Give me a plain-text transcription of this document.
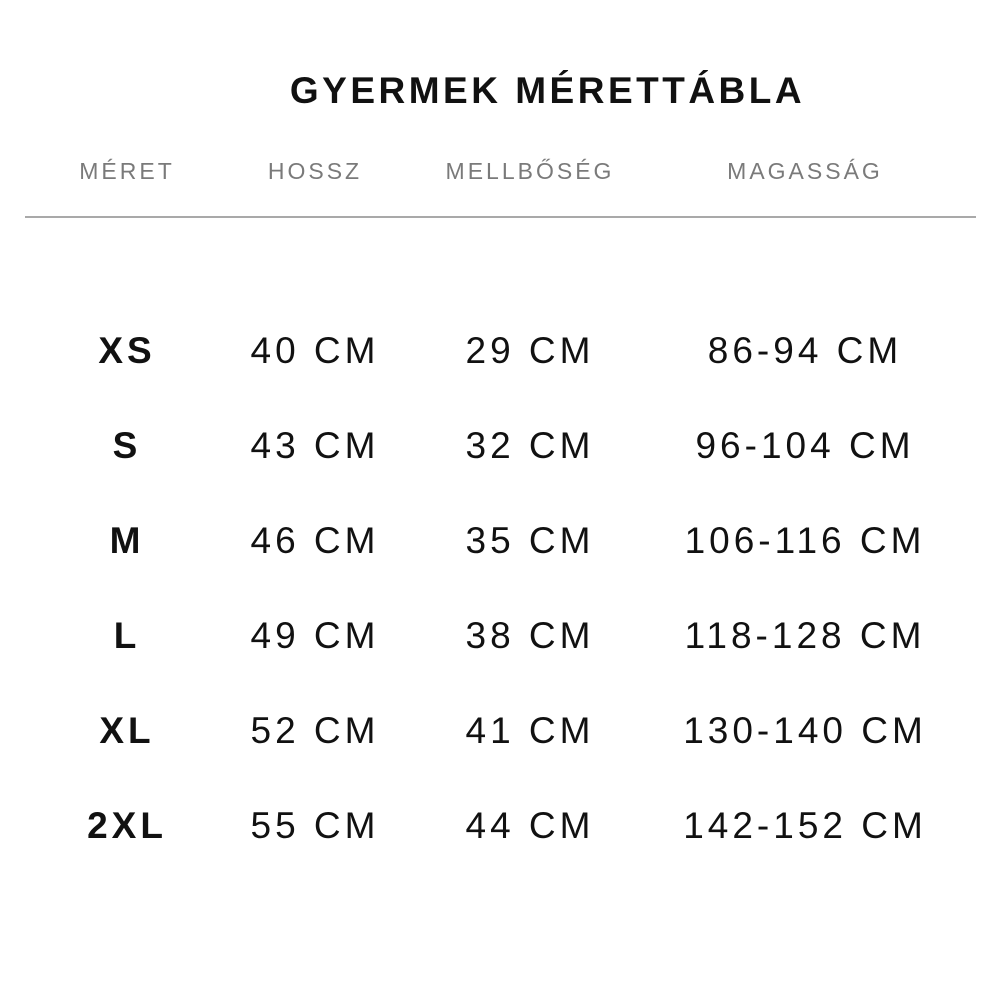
GYERMEK MÉRETTÁBLA
MÉRET	HOSSZ	MELLBŐSÉG	MAGASSÁG
XS	40 CM	29 CM	86-94 CM
S	43 CM	32 CM	96-104 CM
M	46 CM	35 CM	106-116 CM
L	49 CM	38 CM	118-128 CM
XL	52 CM	41 CM	130-140 CM
2XL	55 CM	44 CM	142-152 CM
